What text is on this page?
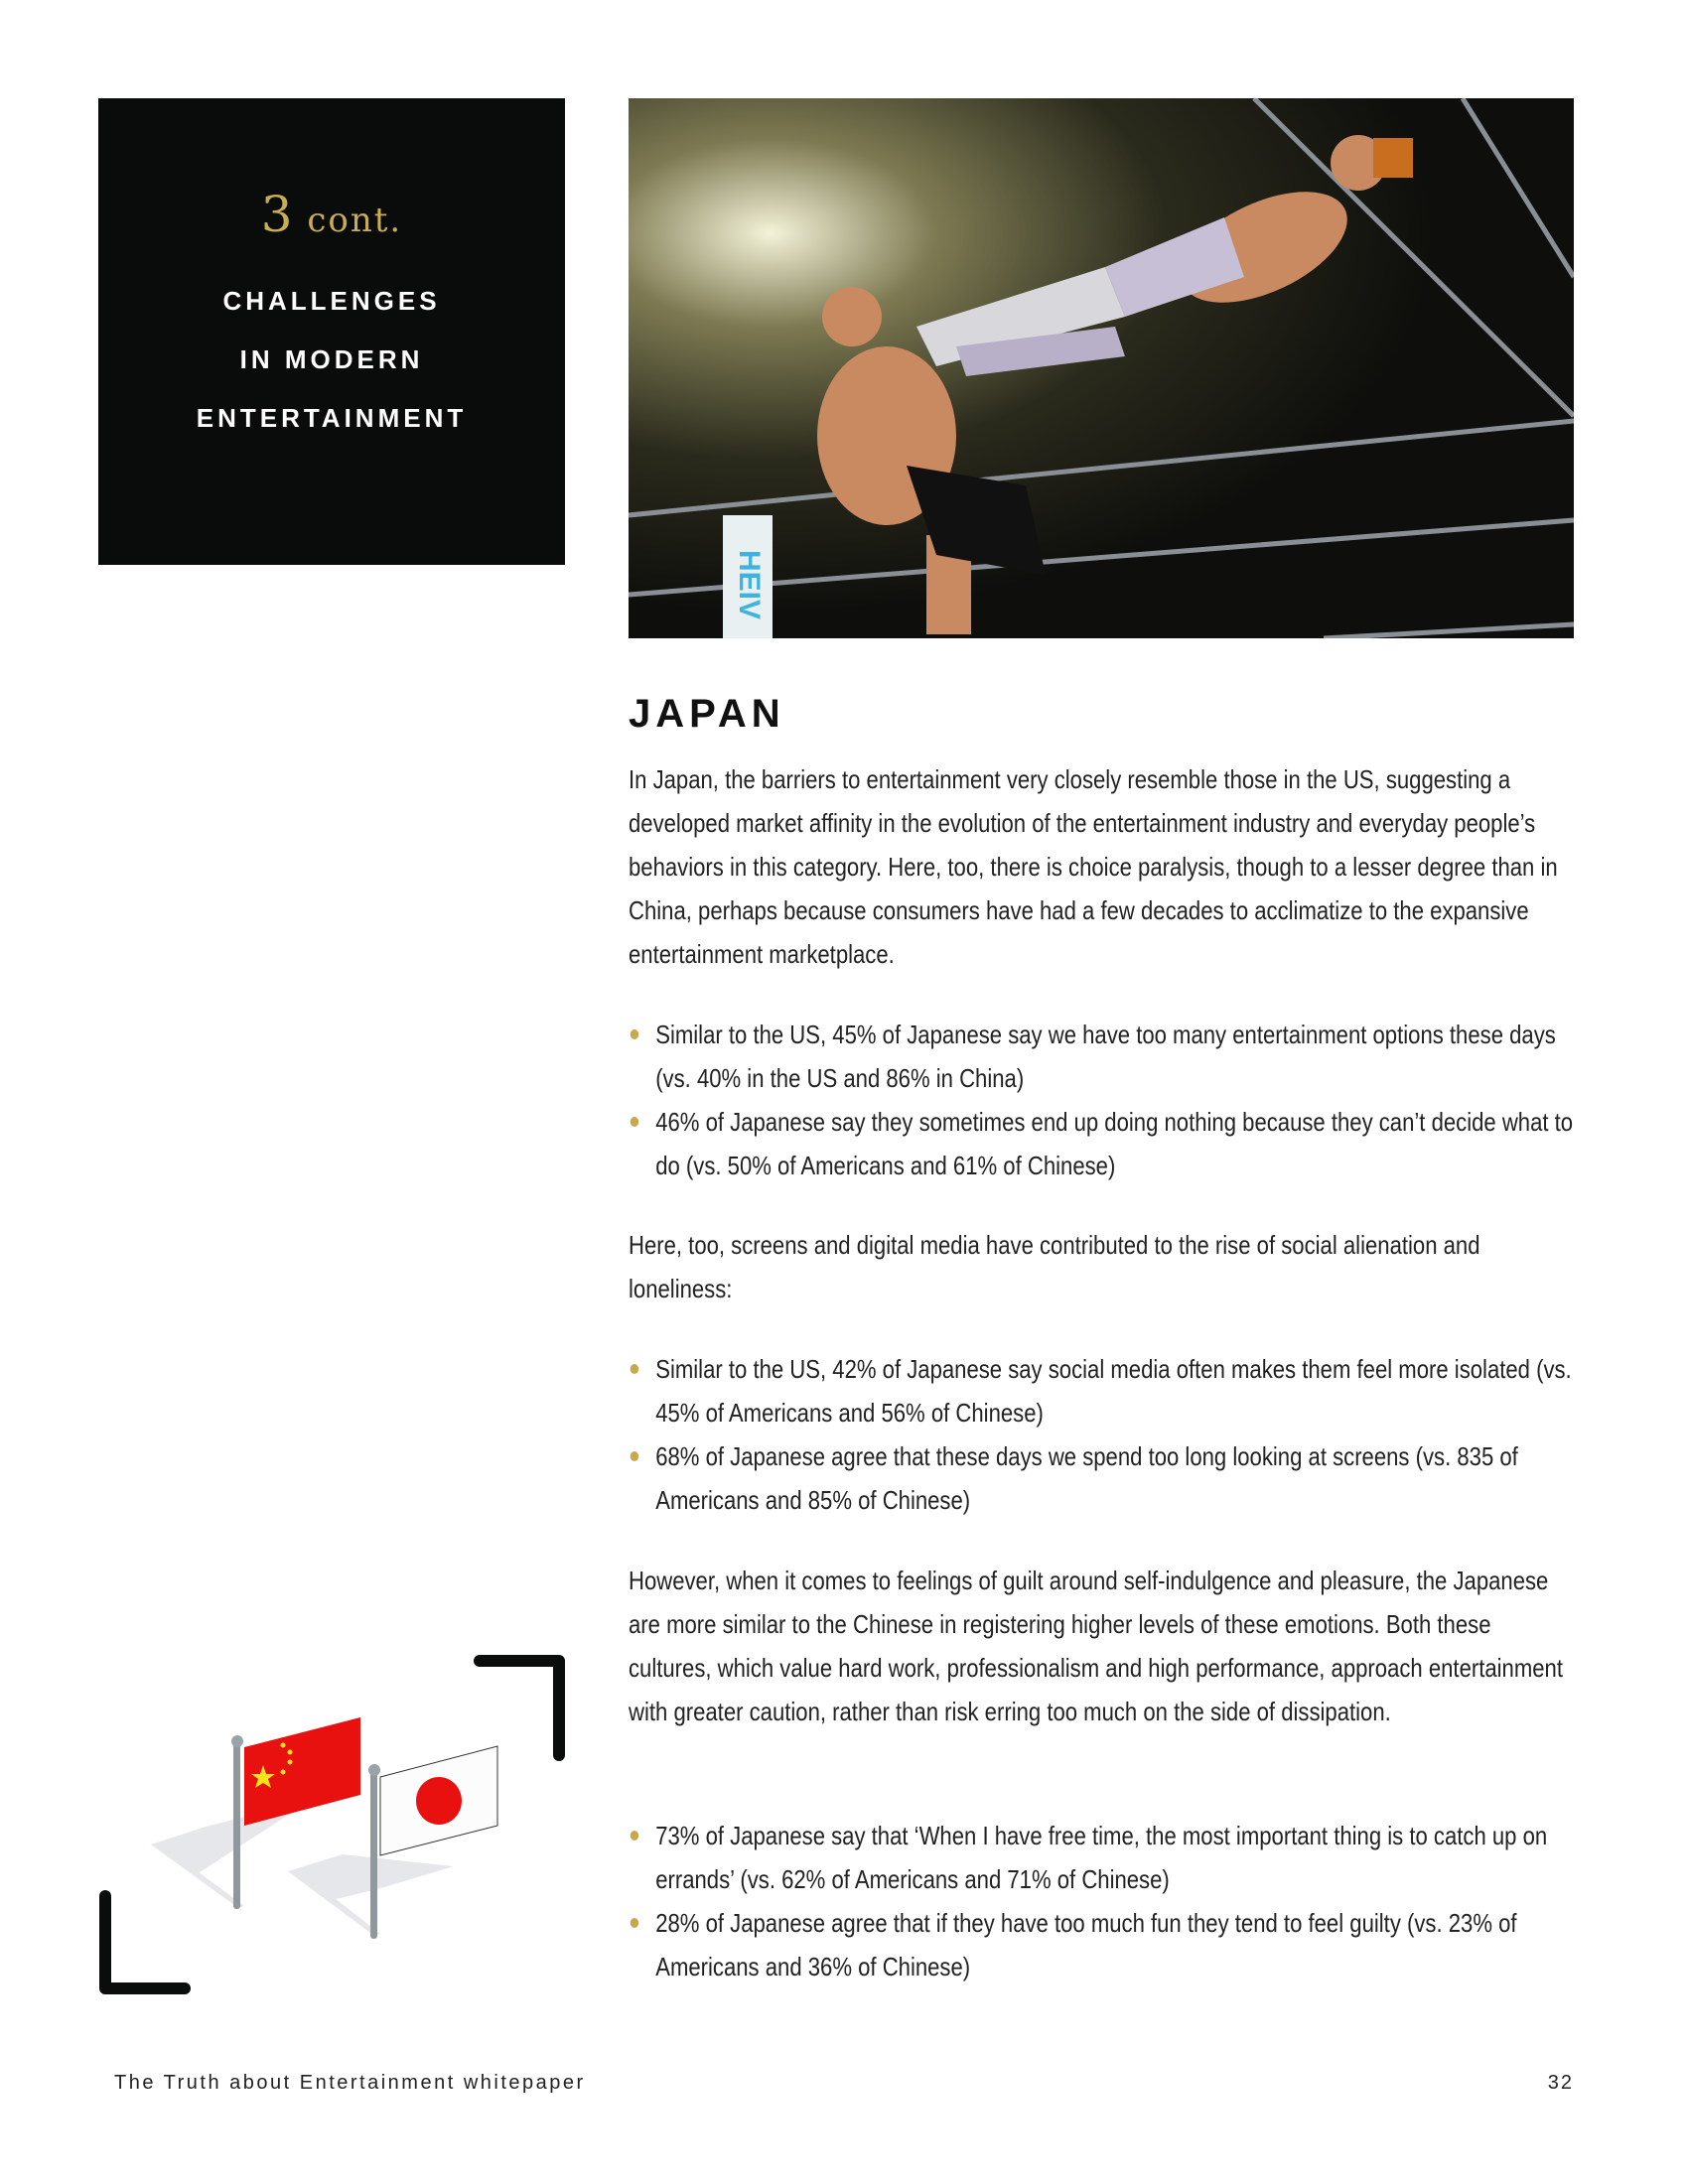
3 cont.
CHALLENGES
IN MODERN
ENTERTAINMENT
HEIV
JAPAN

In Japan, the barriers to entertainment very closely resemble those in the US, suggesting a developed market affinity in the evolution of the entertainment industry and everyday people’s behaviors in this category. Here, too, there is choice paralysis, though to a lesser degree than in China, perhaps because consumers have had a few decades to acclimatize to the expansive entertainment marketplace.

Similar to the US, 45% of Japanese say we have too many entertainment options these days (vs. 40% in the US and 86% in China)
46% of Japanese say they sometimes end up doing nothing because they can’t decide what to do (vs. 50% of Americans and 61% of Chinese)

Here, too, screens and digital media have contributed to the rise of social alienation and loneliness:

Similar to the US, 42% of Japanese say social media often makes them feel more isolated (vs. 45% of Americans and 56% of Chinese)
68% of Japanese agree that these days we spend too long looking at screens (vs. 835 of Americans and 85% of Chinese)

However, when it comes to feelings of guilt around self-indulgence and pleasure, the Japanese are more similar to the Chinese in registering higher levels of these emotions. Both these cultures, which value hard work, professionalism and high performance, approach entertainment with greater caution, rather than risk erring too much on the side of dissipation.

73% of Japanese say that ‘When I have free time, the most important thing is to catch up on errands’ (vs. 62% of Americans and 71% of Chinese)
28% of Japanese agree that if they have too much fun they tend to feel guilty (vs. 23% of Americans and 36% of Chinese)
The Truth about Entertainment whitepaper	32
